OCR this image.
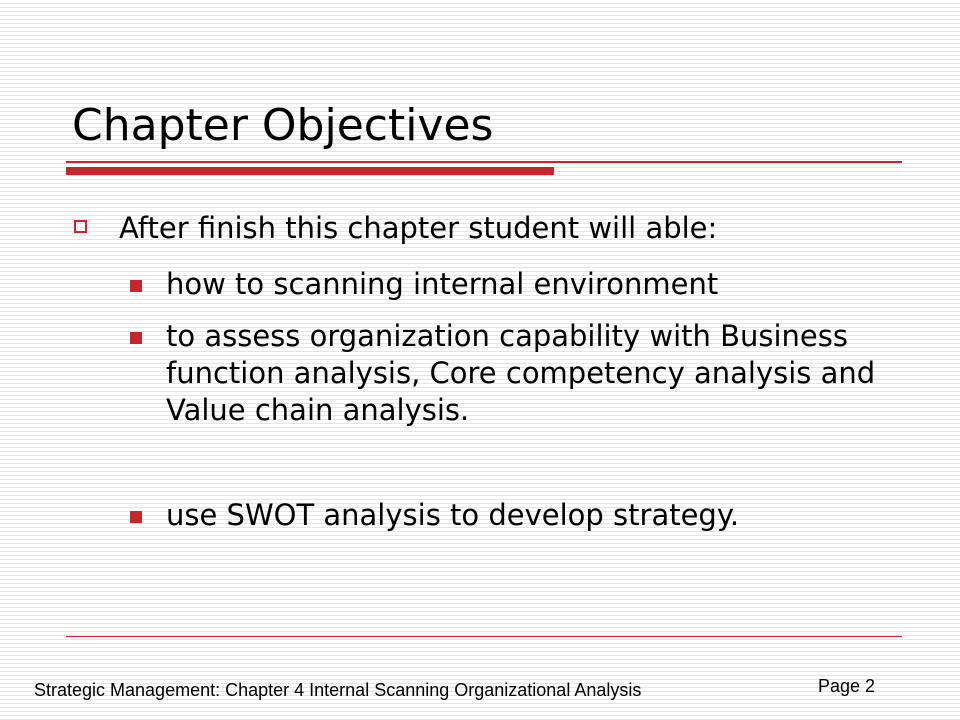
Chapter Objectives
After finish this chapter student will able:
how to scanning internal environment
to assess organization capability with Business function analysis, Core competency analysis and Value chain analysis.
use SWOT analysis to develop strategy.
Strategic Management: Chapter 4 Internal Scanning Organizational Analysis	Page 2
